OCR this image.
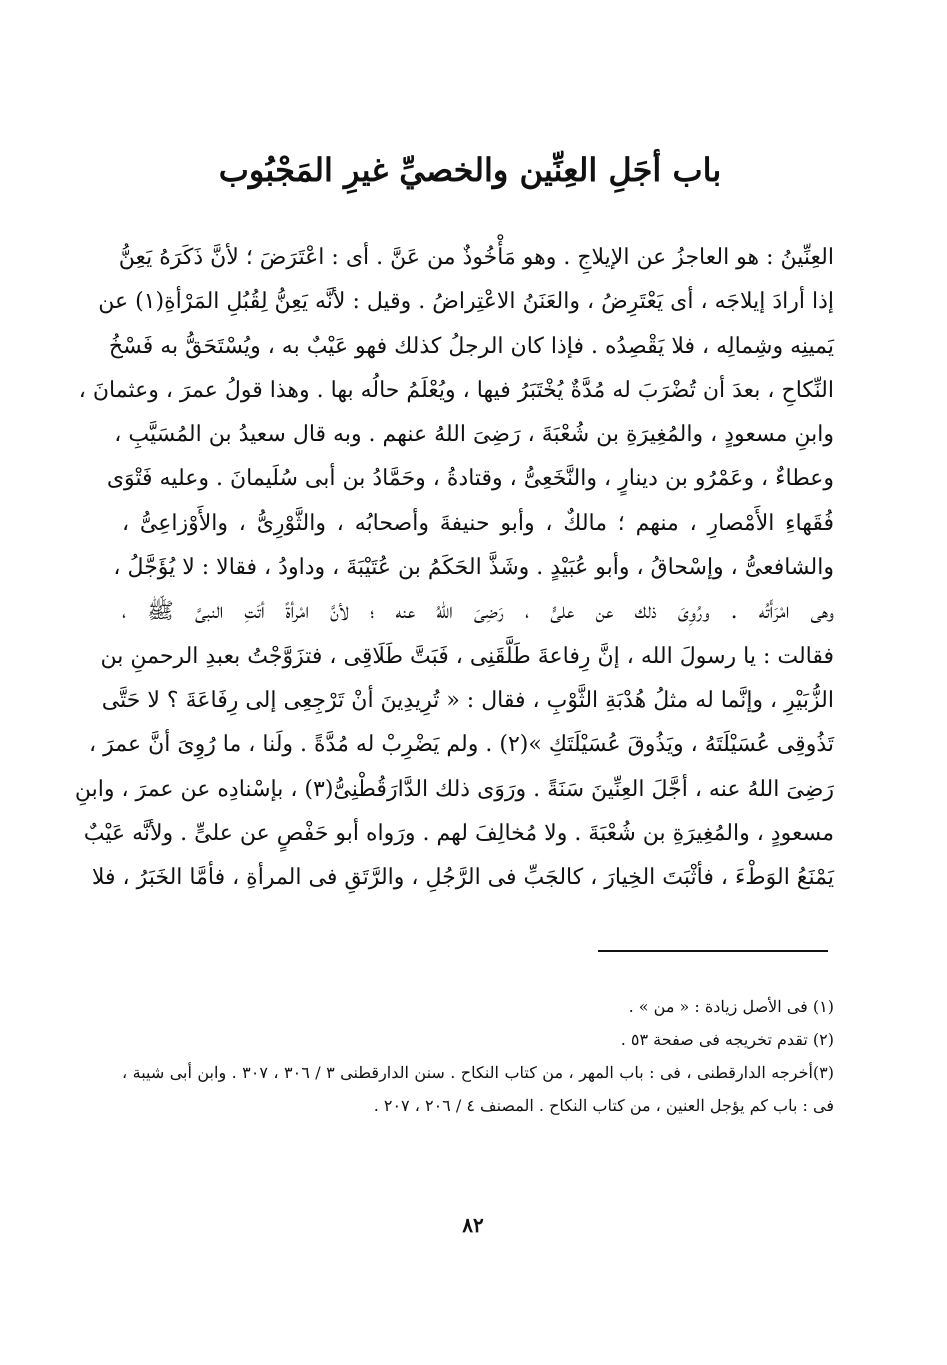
باب أجَلِ العِنِّين والخصيِّ غيرِ المَجْبُوب
العِنِّينُ : هو العاجزُ عن الإيلاجِ . وهو مَأْخُوذٌ من عَنَّ . أى : اعْتَرَضَ ؛ لأنَّ ذَكَرَهُ يَعِنُّ
إذا أرادَ إيلاجَه ، أى يَعْتَرِضُ ، والعَنَنُ الاعْتِراضُ . وقيل : لأنَّه يَعِنُّ لِقُبُلِ المَرْأةِ(١) عن
يَمينِه وشِمالِه ، فلا يَقْصِدُه . فإذا كان الرجلُ كذلك فهو عَيْبٌ به ، ويُسْتَحَقُّ به فَسْخُ
النِّكاحِ ، بعدَ أن تُضْرَبَ له مُدَّةٌ يُخْتَبَرُ فيها ، ويُعْلَمُ حالُه بها . وهذا قولُ عمرَ ، وعثمانَ ،
وابنِ مسعودٍ ، والمُغِيرَةِ بن شُعْبَةَ ، رَضِىَ اللهُ عنهم . وبه قال سعيدُ بن المُسَيَّبِ ،
وعطاءٌ ، وعَمْرُو بن دينارٍ ، والنَّخَعِىُّ ، وقتادةُ ، وحَمَّادُ بن أبى سُلَيمانَ . وعليه فَتْوَى
فُقَهاءِ الأَمْصارِ ، منهم ؛ مالكٌ ، وأبو حنيفةَ وأصحابُه ، والثَّوْرِىُّ ، والأَوْزاعِىُّ ،
والشافعىُّ ، وإسْحاقُ ، وأبو عُبَيْدٍ . وشَذَّ الحَكَمُ بن عُتَيْبَةَ ، وداودُ ، فقالا : لا يُؤَجَّلُ ،
وهى امْرَأَتُه . ورُوِىَ ذلك عن علىٍّ ، رَضِىَ اللهُ عنه ؛ لأنَّ امْرأةً أتَتِ النبىَّ ﷺ ،
فقالت : يا رسولَ الله ، إنَّ رِفاعةَ طَلَّقَنِى ، فَبَتَّ طَلَاقِى ، فتزَوَّجْتُ بعبدِ الرحمنِ بن
الزُّبَيْرِ ، وإنَّما له مثلُ هُدْبَةِ الثَّوْبِ ، فقال : « تُرِيدِينَ أنْ تَرْجِعِى إلى رِفَاعَةَ ؟ لا حَتَّى
تَذُوقِى عُسَيْلَتَهُ ، ويَذُوقَ عُسَيْلَتَكِ »(٢) . ولم يَضْرِبْ له مُدَّةً . ولَنا ، ما رُوِىَ أنَّ عمرَ ،
رَضِىَ اللهُ عنه ، أجَّلَ العِنِّينَ سَنَةً . ورَوَى ذلك الدَّارَقُطْنِىُّ(٣) ، بإسْنادِه عن عمرَ ، وابنِ
مسعودٍ ، والمُغِيرَةِ بن شُعْبَةَ . ولا مُخالِفَ لهم . ورَواه أبو حَفْصٍ عن علىٍّ . ولأنَّه عَيْبٌ
يَمْنَعُ الوَطْءَ ، فأثْبَتَ الخِيارَ ، كالجَبِّ فى الرَّجُلِ ، والرَّتَقِ فى المرأةِ ، فأمَّا الخَبَرُ ، فلا
(١) فى الأصل زيادة : « من » .
(٢) تقدم تخريجه فى صفحة ٥٣ .
(٣)أخرجه الدارقطنى ، فى : باب المهر ، من كتاب النكاح . سنن الدارقطنى ٣ / ٣٠٦ ، ٣٠٧ . وابن أبى شيبة ،
فى : باب كم يؤجل العنين ، من كتاب النكاح . المصنف ٤ / ٢٠٦ ، ٢٠٧ .
٨٢
